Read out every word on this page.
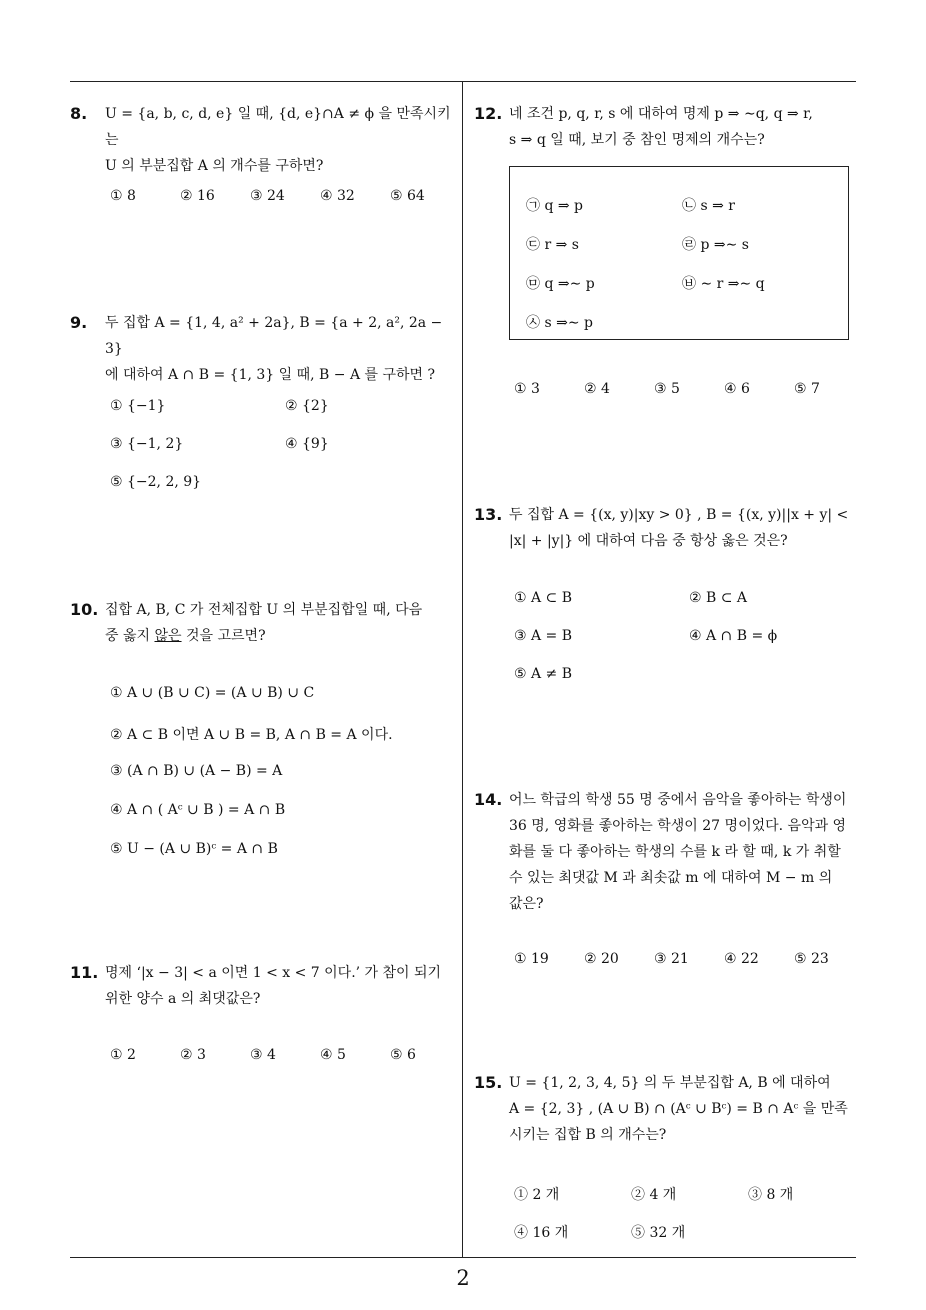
8. U = {a, b, c, d, e} 일 때, {d, e}∩A ≠ ϕ 을 만족시키는

U 의 부분집합 A 의 개수를 구하면?

① 8	② 16	③ 24	④ 32	⑤ 64
9. 두 집합 A = {1, 4, a² + 2a}, B = {a + 2, a², 2a − 3}

에 대하여 A ∩ B = {1, 3} 일 때, B − A 를 구하면 ?

① {−1}	② {2}
③ {−1, 2}	④ {9}
⑤ {−2, 2, 9}
10. 집합 A, B, C 가 전체집합 U 의 부분집합일 때, 다음

중 옳지 않은 것을 고르면?

① A ∪ (B ∪ C) = (A ∪ B) ∪ C
② A ⊂ B 이면 A ∪ B = B, A ∩ B = A 이다.
③ (A ∩ B) ∪ (A − B) = A
④ A ∩ ( Aᶜ ∪ B ) = A ∩ B
⑤ U − (A ∪ B)ᶜ = A ∩ B
11. 명제 ‘|x − 3| < a 이면 1 < x < 7 이다.’ 가 참이 되기

위한 양수 a 의 최댓값은?

① 2	② 3	③ 4	④ 5	⑤ 6
12. 네 조건 p, q, r, s 에 대하여 명제 p ⇒ ∼q, q ⇒ r,

s ⇒ q 일 때, 보기 중 참인 명제의 개수는?

㉠ q ⇒ p	㉡ s ⇒ r
㉢ r ⇒ s	㉣ p ⇒∼ s
㉤ q ⇒∼ p	㉥ ∼ r ⇒∼ q
㉦ s ⇒∼ p
① 3	② 4	③ 5	④ 6	⑤ 7
13. 두 집합 A = {(x, y)|xy > 0} , B = {(x, y)||x + y| <

|x| + |y|} 에 대하여 다음 중 항상 옳은 것은?

① A ⊂ B	② B ⊂ A
③ A = B	④ A ∩ B = ϕ
⑤ A ≠ B
14. 어느 학급의 학생 55 명 중에서 음악을 좋아하는 학생이

36 명, 영화를 좋아하는 학생이 27 명이었다. 음악과 영

화를 둘 다 좋아하는 학생의 수를 k 라 할 때, k 가 취할

수 있는 최댓값 M 과 최솟값 m 에 대하여 M − m 의

값은?

① 19	② 20	③ 21	④ 22	⑤ 23
15. U = {1, 2, 3, 4, 5} 의 두 부분집합 A, B 에 대하여

A = {2, 3} , (A ∪ B) ∩ (Aᶜ ∪ Bᶜ) = B ∩ Aᶜ 을 만족

시키는 집합 B 의 개수는?

① 2 개	② 4 개	③ 8 개
④ 16 개	⑤ 32 개
2
